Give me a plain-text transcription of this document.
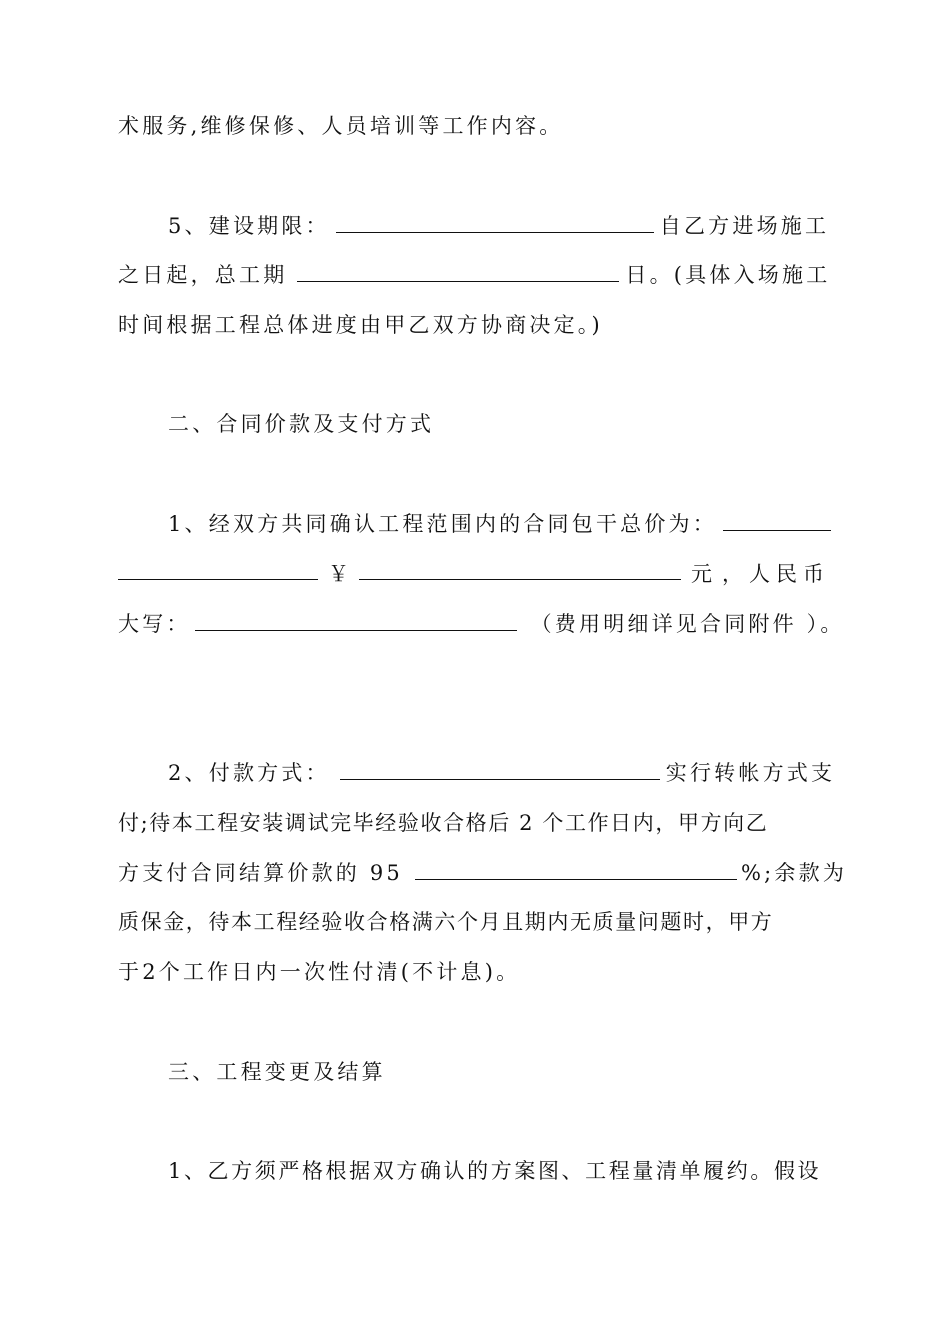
术服务,维修保修、人员培训等工作内容。
5、建设期限：	自乙方进场施工
之日起，总工期	日。(具体入场施工
时间根据工程总体进度由甲乙双方协商决定。)
二、合同价款及支付方式
1、经双方共同确认工程范围内的合同包干总价为：
￥	元 ，人民币
大写：	（费用明细详见合同附件 ）。
2、付款方式：	实行转帐方式支
付;待本工程安装调试完毕经验收合格后 2 个工作日内，甲方向乙
方支付合同结算价款的 95	%;余款为
质保金，待本工程经验收合格满六个月且期内无质量问题时，甲方
于2个工作日内一次性付清(不计息)。
三、工程变更及结算
1、乙方须严格根据双方确认的方案图、工程量清单履约。假设
